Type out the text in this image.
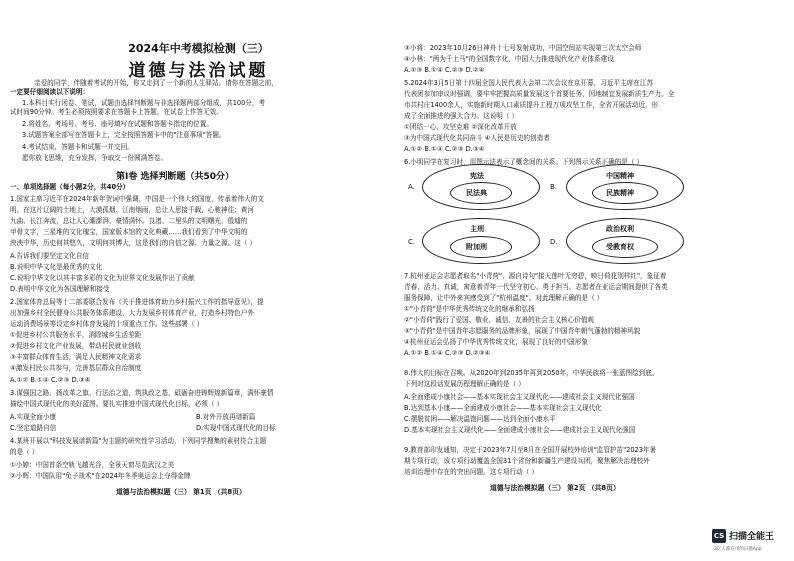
2024年中考模拟检测（三）
道德与法治试题
亲爱的同学，伴随着考试的开始，你又走到了一个新的人生驿站。请你在答题之前，
一定要仔细阅读以下说明：
1.本科目实行闭卷、笔试，试题由选择判断题与非选择题两部分组成，共100分，考
试时间90分钟。考生必须按照要求在答题卡上答题，在试卷上作答无效。
2.将姓名、考场号、考号、座号填写在试题和答题卡指定的位置。
3.试题答案全部写在答题卡上，完全按照答题卡中的"注意事项"答题。
4.考试结束，答题卡和试题一并交回。
愿你放飞思维，充分发挥，争取交一份圆满答卷。
第Ⅰ卷 选择判断题（共50分）
一、单项选择题（每小题2分，共40分）
1.国家主席习近平在2024年新年贺词中强调，中国是一个伟大的国度，传承着伟大的文
明。在这片辽阔的土地上，大漠孤烟、江南烟雨，总让人思接千载，心驰神往；黄河
九曲、长江奔流，总让人心潮澎湃、豪情满怀。良渚、二里头的文明曙光，殷墟的
甲骨文字，三星堆的文化瑰宝，国家版本馆的文化典藏……我们看到了中华文明的
泱泱中华，历史何其悠久，文明何其博大，这是我们的自信之源、力量之源。这（ ）
A.告诉我们要坚定文化自信
B.说明中华文化是最优秀的文化
C.说明中华文化以其丰富多彩的文化为世界文化发展作出了贡献
D.表明中华文化为各国理解和接受
2.国家体育总局等十二部委联合发布《关于推进体育助力乡村振兴工作的指导意见》，提
出加强乡村全民健身公共服务体系建设，大力发展乡村体育产业，打造乡村特色户外
运动消费场景等设定乡村体育发展的十项重点工作。这些部署（ ）
①促进乡村公共服务水平，消除城乡生活差距
②促进乡村文化产业发展，带动村民就业创收
③丰富群众体育生活，满足人民精神文化需求
④激发村民公共参与，完善基层群众自治制度
A.①② B.①④ C.②③ D.③④
3.谋强国之路、扬改革之旗、行法治之道，筑执政之基，砥砺奋进铸辉煌新篇章，满怀豪情
描绘中国式现代化的美好蓝图。要扎实推进中国式现代化目标，必须（ ）
A.实现全面小康	B.对外开放再谱新篇
C.坚定道路自信	D.实现中国式现代化的目标
4.某班开展以"科技发展谱新篇"为主题的研究性学习活动，下列同学搜集的素材符合主题
的是（ ）
①小婷：中国首条空轨飞越光谷，全景天窗尽览武汉之美
②小辉：中国队用"兔子战术"在2024年冬季奥运会上夺得金牌
道德与法治模拟题（三） 第1页 （共8页）
③小将：2023年10月26日神舟十七号发射成功，中国空间站实现第三次太空会师
④小林："两为千上马"的全国数字化，中国大力推进现代化产业体系建设
A.①③ B.①④ C.②③ D.②④
5.2024年3月5日第十四届全国人民代表大会第二次会议在京开幕，习近平主席在江苏
代表团参加审议时强调，要牢牢把握高质量发展这个首要任务，因地制宜发展新质生产力。全
市共村庄1400余人，实施新时期人口素质提升工程万项攻坚工作，全省开展活动近，形
成了全面推进的强大合力。这说明（ ）
①团结一心，攻坚克难 ②深化改革开放
③为中国式现代化共同奋斗 ④人民是历史的创造者
A.①② B.①④ C.②③ D.③④
6.小明同学在复习时，用图示法表示了概念间的关系。下列图示关系正确的是（ ）
A.
宪法
民法典
B.
中国精神
民族精神
C.
主刑
附加刑
D.
政治权利
受教育权
7.杭州亚运会志愿者取名"小青荷"，源自诗句"接天莲叶无穷碧，映日荷花别样红"，象征着
青春、活力、真诚，寓意着青年一代坚守初心、勇于担当。志愿者在亚运会期间提供了各类
服务保障，让中外来宾感受到了"杭州温度"。对此理解正确的是（ ）
①"小青荷"是中华优秀传统文化的继承和弘扬
②"小青荷"践行了爱国、敬业、诚信、友善的社会主义核心价值观
③"小青荷"是中国青年志愿服务的品牌形象，展现了中国青年朝气蓬勃的精神风貌
④杭州亚运会弘扬了中华优秀传统文化，展现了良好的中国形象
A.①② B.①④ C.②③ D.②③④
8.伟大的目标在召唤。从2020年到2035年再到2050年，中华民族将一张蓝图绘到底。
下列对这段话发展历程理解正确的是（ ）
A.全面建成小康社会——基本实现社会主义现代化——建成社会主义现代化强国
B.达到基本小康——全面建成小康社会——基本实现社会主义现代化
C.摆脱贫困——解决温饱问题——达到全面小康水平
D.基本实现社会主义现代化——全面建成小康社会——建成社会主义现代化强国
9.教育部印发通知，决定于2023年7月至8月在全国开展校外培训"监管护苗"2023年暑
期专项行动，该专项行动覆盖全国31个省份和新疆生产建设兵团，聚焦解决治理校外
培训治理中存在的突出问题。这专项行动（ ）
道德与法治模拟题（三） 第2页 （共8页）
CS 扫描全能王
3亿人都在用的扫描App
